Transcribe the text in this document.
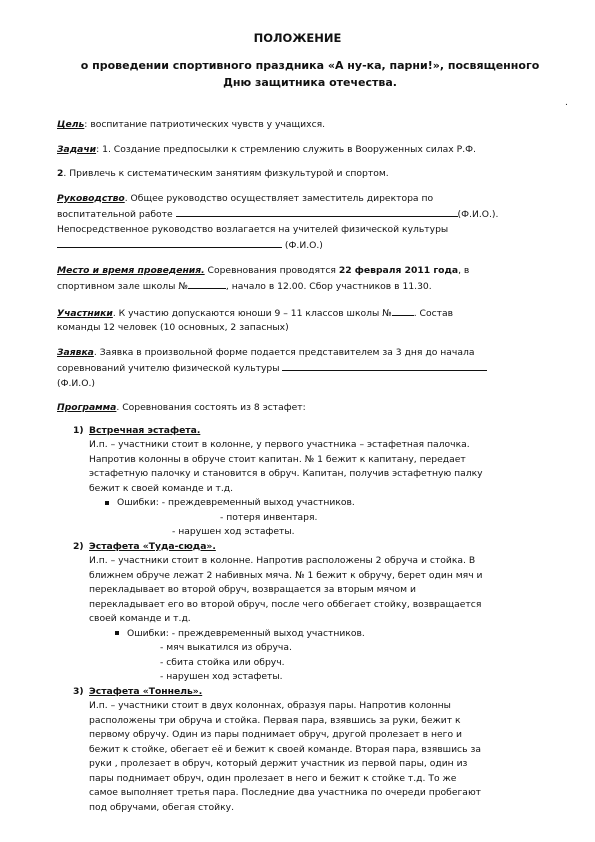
ПОЛОЖЕНИЕ
о проведении спортивного праздника «А ну-ка, парни!», посвященного
Дню защитника отечества.
.

Цель: воспитание патриотических чувств у учащихся.

Задачи: 1. Создание предпосылки к стремлению служить в Вооруженных силах Р.Ф.

2. Привлечь к систематическим занятиям физкультурой и спортом.

Руководство. Общее руководство осуществляет заместитель директора по
воспитательной работе	(Ф.И.О.).
Непосредственное руководство возлагается на учителей физической культуры
(Ф.И.О.)

Место и время проведения. Соревнования проводятся 22 февраля 2011 года, в
спортивном зале школы №	, начало в 12.00. Сбор участников в 11.30.

Участники. К участию допускаются юноши 9 – 11 классов школы № . Состав
команды 12 человек (10 основных, 2 запасных)

Заявка. Заявка в произвольной форме подается представителем за 3 дня до начала
соревнований учителю физической культуры
(Ф.И.О.)

Программа. Соревнования состоять из 8 эстафет:

1) Встречная эстафета.
И.п. – участники стоит в колонне, у первого участника – эстафетная палочка.
Напротив колонны в обруче стоит капитан. № 1 бежит к капитану, передает
эстафетную палочку и становится в обруч. Капитан, получив эстафетную палку
бежит к своей команде и т.д.
Ошибки: - преждевременный выход участников.
- потеря инвентаря.
- нарушен ход эстафеты.
2) Эстафета «Туда-сюда».
И.п. – участники стоит в колонне. Напротив расположены 2 обруча и стойка. В
ближнем обруче лежат 2 набивных мяча. № 1 бежит к обручу, берет один мяч и
перекладывает во второй обруч, возвращается за вторым мячом и
перекладывает его во второй обруч, после чего оббегает стойку, возвращается
своей команде и т.д.
Ошибки: - преждевременный выход участников.
- мяч выкатился из обруча.
- сбита стойка или обруч.
- нарушен ход эстафеты.
3) Эстафета «Тоннель».
И.п. – участники стоит в двух колоннах, образуя пары. Напротив колонны
расположены три обруча и стойка. Первая пара, взявшись за руки, бежит к
первому обручу. Один из пары поднимает обруч, другой пролезает в него и
бежит к стойке, обегает её и бежит к своей команде. Вторая пара, взявшись за
руки , пролезает в обруч, который держит участник из первой пары, один из
пары поднимает обруч, один пролезает в него и бежит к стойке т.д. То же
самое выполняет третья пара. Последние два участника по очереди пробегают
под обручами, обегая стойку.
